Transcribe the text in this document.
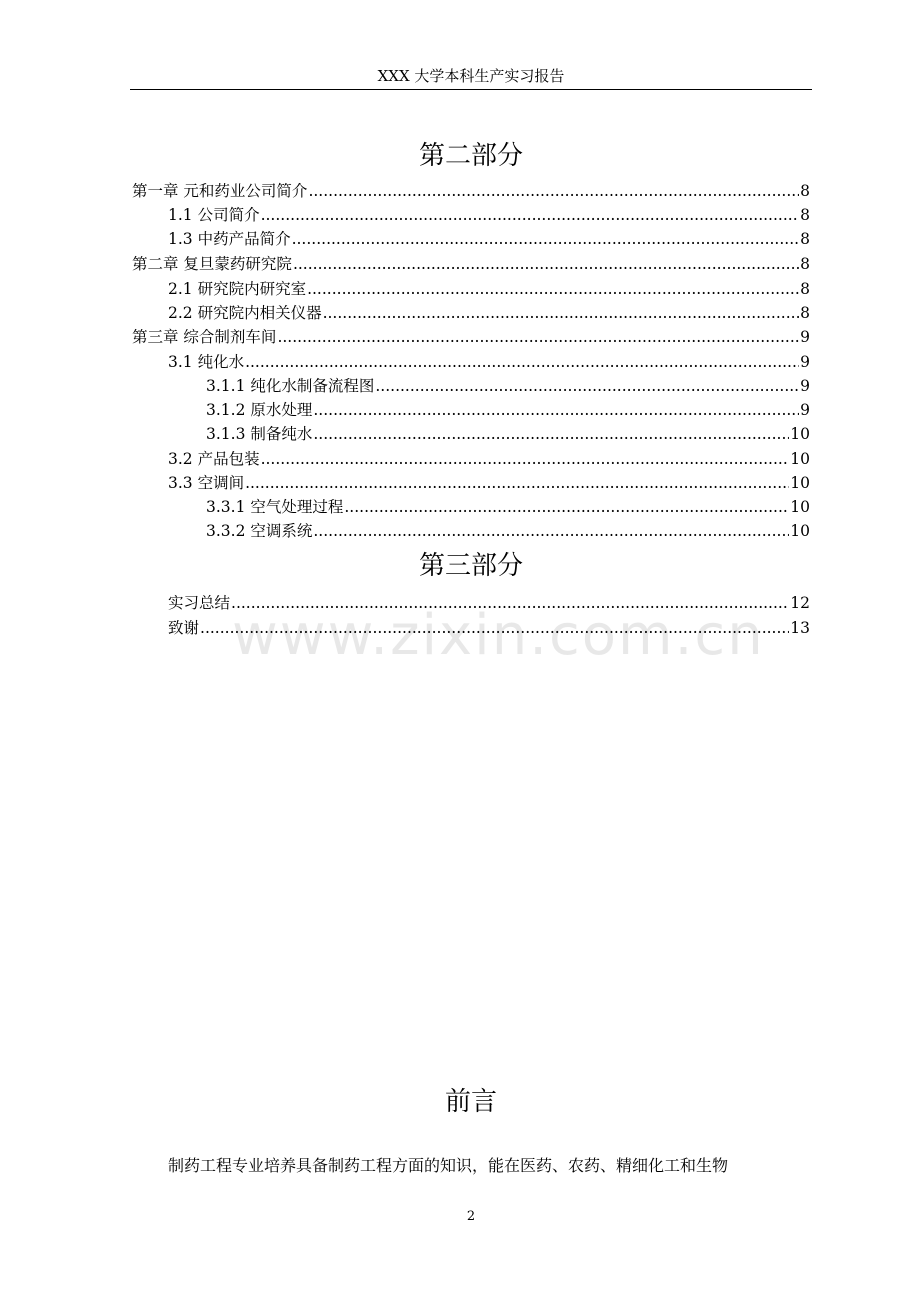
XXX 大学本科生产实习报告
第二部分
第一章 元和药业公司简介 .....	8
1.1 公司简介 .....	8
1.3 中药产品简介 .....	8
第二章 复旦蒙药研究院 .....	8
2.1 研究院内研究室 .....	8
2.2 研究院内相关仪器 .....	8
第三章 综合制剂车间 .....	9
3.1 纯化水 .....	9
3.1.1 纯化水制备流程图 .....	9
3.1.2 原水处理 .....	9
3.1.3 制备纯水 .....	10
3.2 产品包装 .....	10
3.3 空调间 .....	10
3.3.1 空气处理过程 .....	10
3.3.2 空调系统 .....	10
第三部分
实习总结 .....	12
致谢 .....	13
www.zixin.com.cn
前言
制药工程专业培养具备制药工程方面的知识，能在医药、农药、精细化工和生物
2
